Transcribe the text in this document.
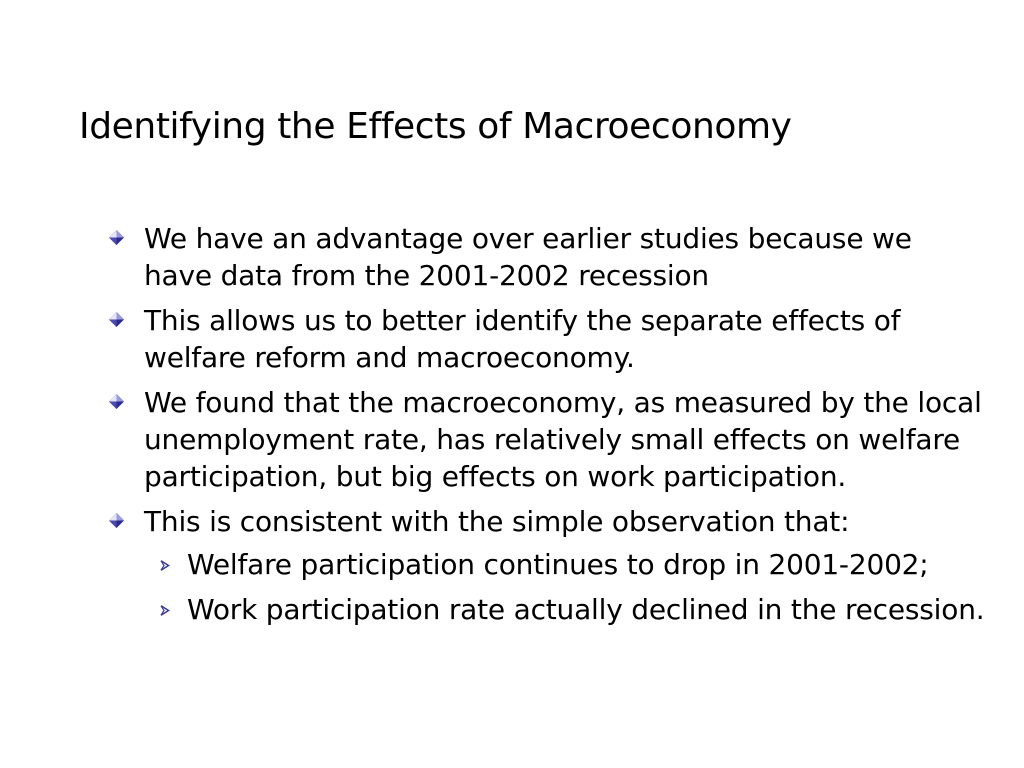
Identifying the Effects of Macroeconomy
We have an advantage over earlier studies because we have data from the 2001-2002 recession
This allows us to better identify the separate effects of welfare reform and macroeconomy.
We found that the macroeconomy, as measured by the local unemployment rate, has relatively small effects on welfare participation, but big effects on work participation.
This is consistent with the simple observation that:
Welfare participation continues to drop in 2001-2002;
Work participation rate actually declined in the recession.
